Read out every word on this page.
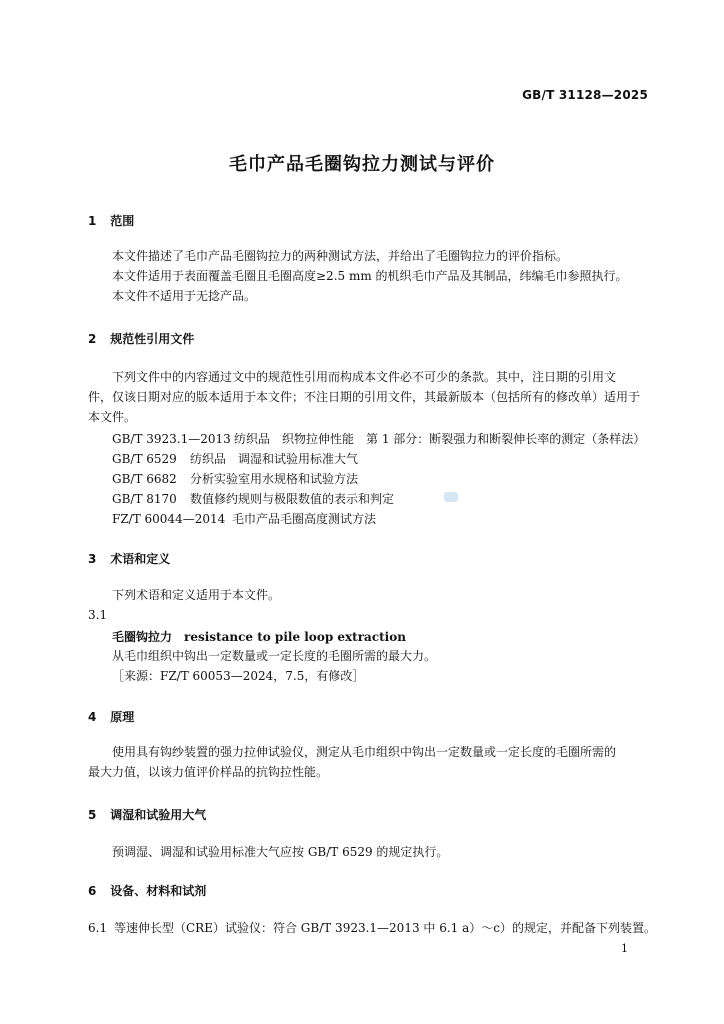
GB/T 31128—2025
毛巾产品毛圈钩拉力测试与评价
1 范围
本文件描述了毛巾产品毛圈钩拉力的两种测试方法，并给出了毛圈钩拉力的评价指标。
本文件适用于表面覆盖毛圈且毛圈高度≥2.5 mm 的机织毛巾产品及其制品，纬编毛巾参照执行。
本文件不适用于无捻产品。
2 规范性引用文件
下列文件中的内容通过文中的规范性引用而构成本文件必不可少的条款。其中，注日期的引用文
件，仅该日期对应的版本适用于本文件；不注日期的引用文件，其最新版本（包括所有的修改单）适用于
本文件。
GB/T 3923.1—2013 纺织品　织物拉伸性能　第 1 部分：断裂强力和断裂伸长率的测定（条样法）
GB/T 6529 纺织品　调湿和试验用标准大气
GB/T 6682 分析实验室用水规格和试验方法
GB/T 8170 数值修约规则与极限数值的表示和判定
FZ/T 60044—2014 毛巾产品毛圈高度测试方法
3 术语和定义
下列术语和定义适用于本文件。
3.1
毛圈钩拉力 resistance to pile loop extraction
从毛巾组织中钩出一定数量或一定长度的毛圈所需的最大力。
［来源：FZ/T 60053—2024，7.5，有修改］
4 原理
使用具有钩纱装置的强力拉伸试验仪，测定从毛巾组织中钩出一定数量或一定长度的毛圈所需的
最大力值，以该力值评价样品的抗钩拉性能。
5 调湿和试验用大气
预调湿、调湿和试验用标准大气应按 GB/T 6529 的规定执行。
6 设备、材料和试剂
6.1 等速伸长型（CRE）试验仪：符合 GB/T 3923.1—2013 中 6.1 a）～c）的规定，并配备下列装置。
1
